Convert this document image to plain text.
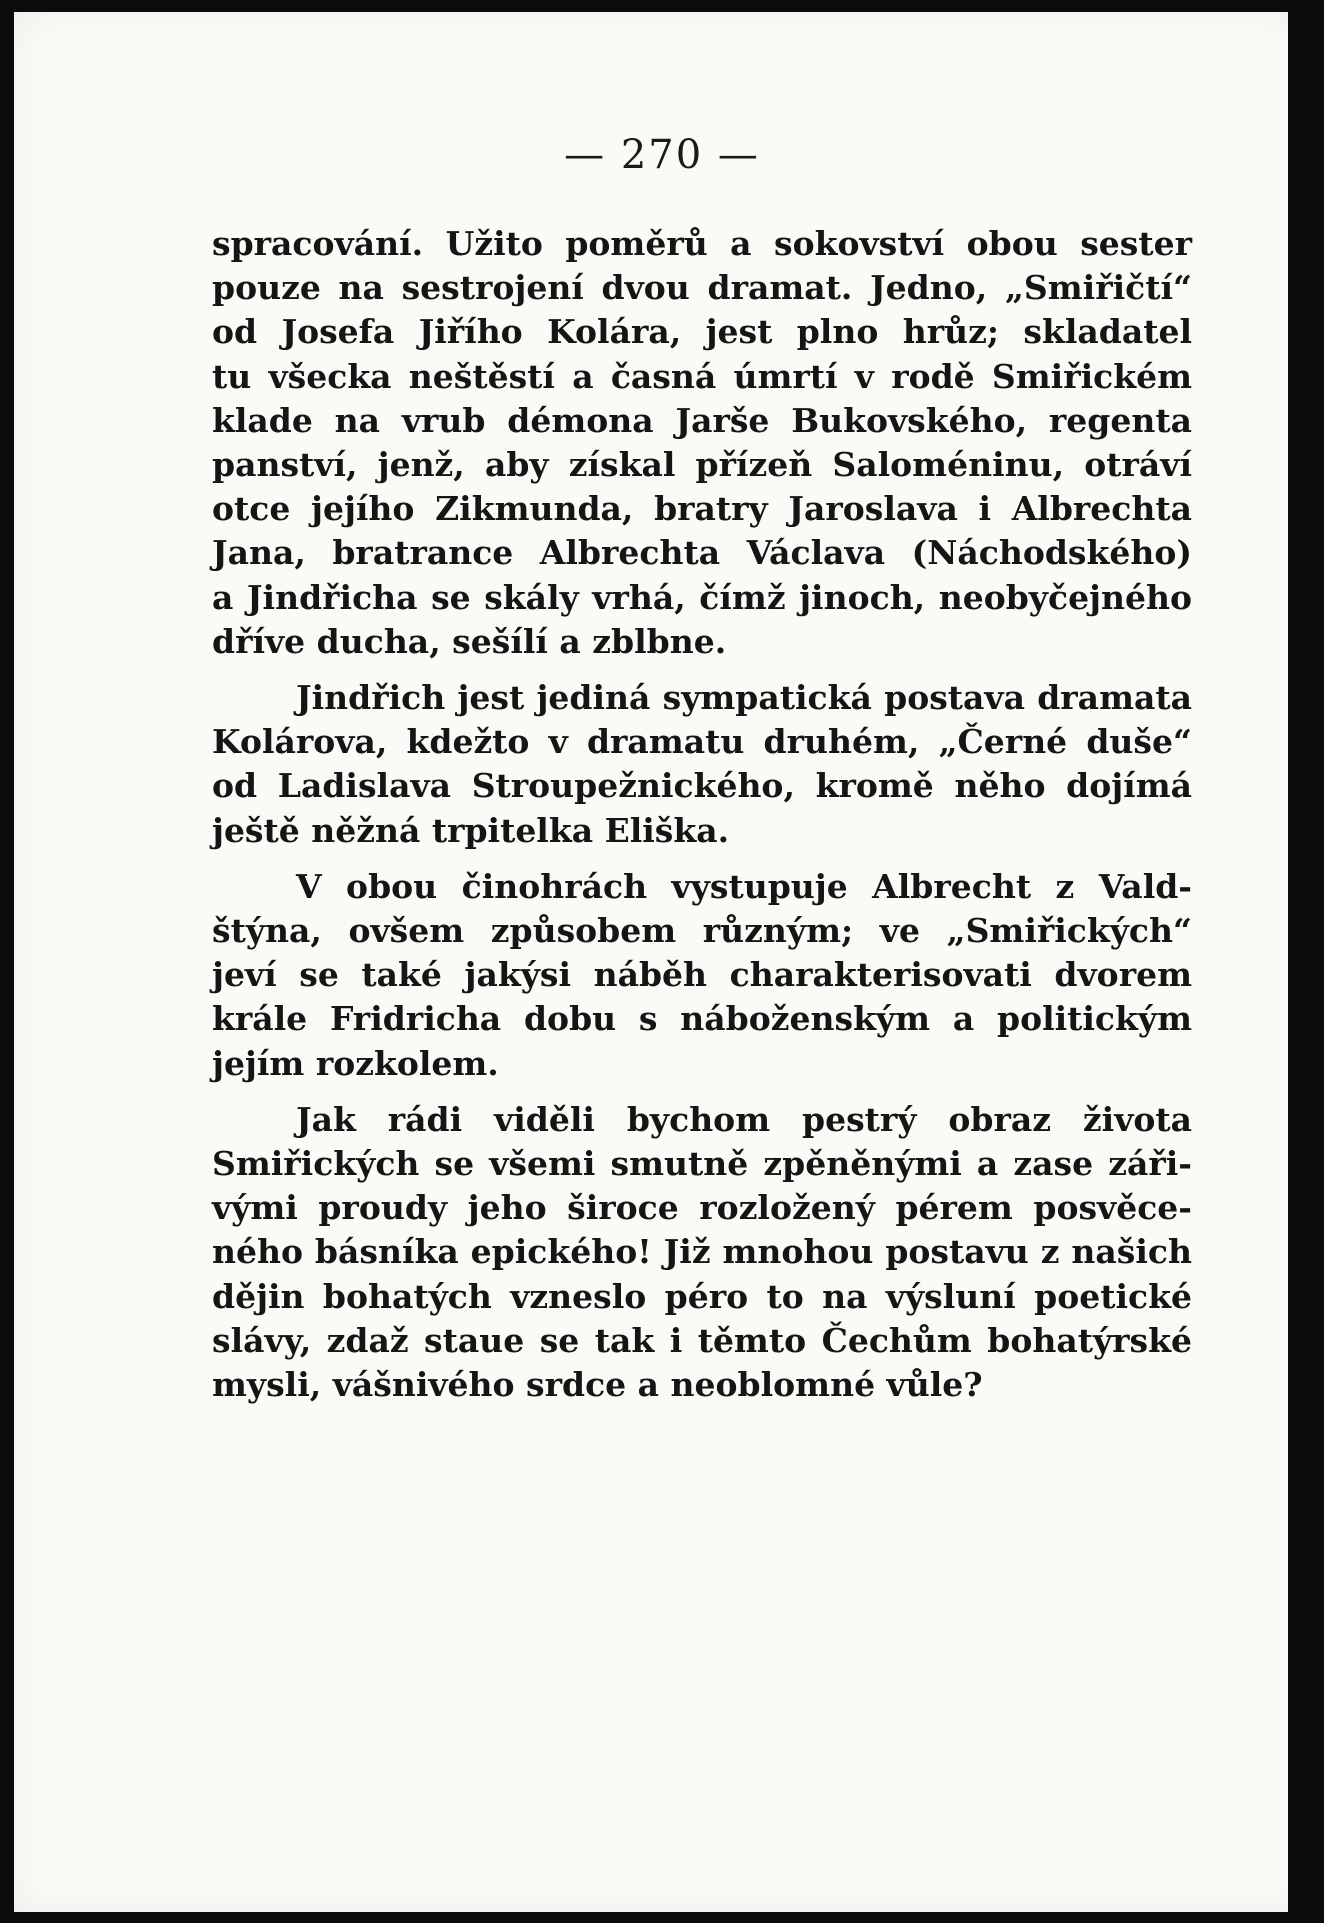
— 270 —

spracování. Užito poměrů a sokovství obou sester
pouze na sestrojení dvou dramat. Jedno, „Smiřičtí“
od Josefa Jiřího Kolára, jest plno hrůz; skladatel
tu všecka neštěstí a časná úmrtí v rodě Smiřickém
klade na vrub démona Jarše Bukovského, regenta
panství, jenž, aby získal přízeň Saloméninu, otráví
otce jejího Zikmunda, bratry Jaroslava i Albrechta
Jana, bratrance Albrechta Václava (Náchodského)
a Jindřicha se skály vrhá, čímž jinoch, neobyčejného
dříve ducha, sešílí a zblbne.

Jindřich jest jediná sympatická postava dramata
Kolárova, kdežto v dramatu druhém, „Černé duše“
od Ladislava Stroupežnického, kromě něho dojímá
ještě něžná trpitelka Eliška.

V obou činohrách vystupuje Albrecht z Vald-
štýna, ovšem způsobem různým; ve „Smiřických“
jeví se také jakýsi náběh charakterisovati dvorem
krále Fridricha dobu s náboženským a politickým
jejím rozkolem.

Jak rádi viděli bychom pestrý obraz života
Smiřických se všemi smutně zpěněnými a zase záři-
vými proudy jeho široce rozložený pérem posvěce-
ného básníka epického! Již mnohou postavu z našich
dějin bohatých vzneslo péro to na výsluní poetické
slávy, zdaž staue se tak i těmto Čechům bohatýrské
mysli, vášnivého srdce a neoblomné vůle?
